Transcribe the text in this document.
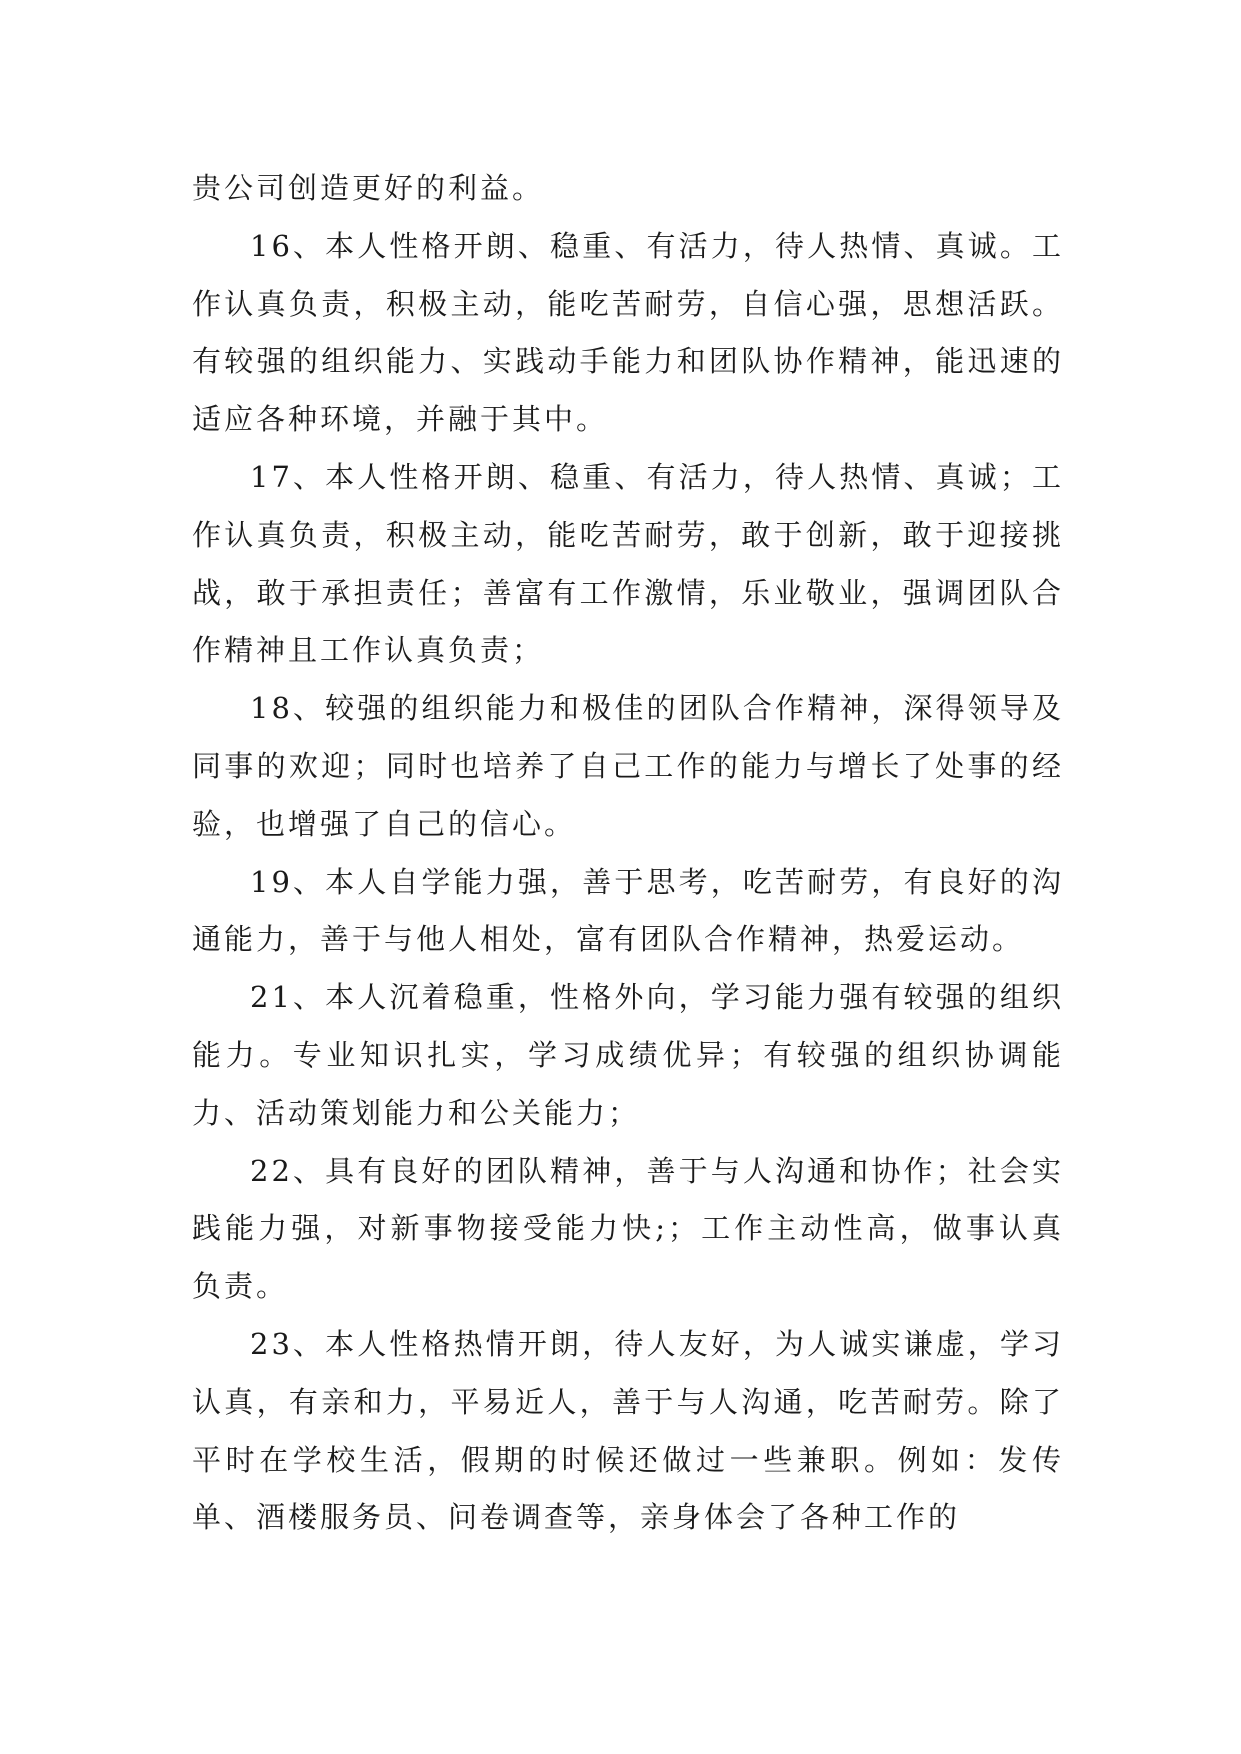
贵公司创造更好的利益。

16、本人性格开朗、稳重、有活力，待人热情、真诚。工作认真负责，积极主动，能吃苦耐劳，自信心强，思想活跃。有较强的组织能力、实践动手能力和团队协作精神，能迅速的适应各种环境，并融于其中。

17、本人性格开朗、稳重、有活力，待人热情、真诚；工作认真负责，积极主动，能吃苦耐劳，敢于创新，敢于迎接挑战，敢于承担责任；善富有工作激情，乐业敬业，强调团队合作精神且工作认真负责；

18、较强的组织能力和极佳的团队合作精神，深得领导及同事的欢迎；同时也培养了自己工作的能力与增长了处事的经验，也增强了自己的信心。

19、本人自学能力强，善于思考，吃苦耐劳，有良好的沟通能力，善于与他人相处，富有团队合作精神，热爱运动。

21、本人沉着稳重，性格外向，学习能力强有较强的组织能力。专业知识扎实，学习成绩优异；有较强的组织协调能力、活动策划能力和公关能力；

22、具有良好的团队精神，善于与人沟通和协作；社会实践能力强，对新事物接受能力快;；工作主动性高，做事认真负责。

23、本人性格热情开朗，待人友好，为人诚实谦虚，学习认真，有亲和力，平易近人，善于与人沟通，吃苦耐劳。除了平时在学校生活，假期的时候还做过一些兼职。例如：发传单、酒楼服务员、问卷调查等，亲身体会了各种工作的
